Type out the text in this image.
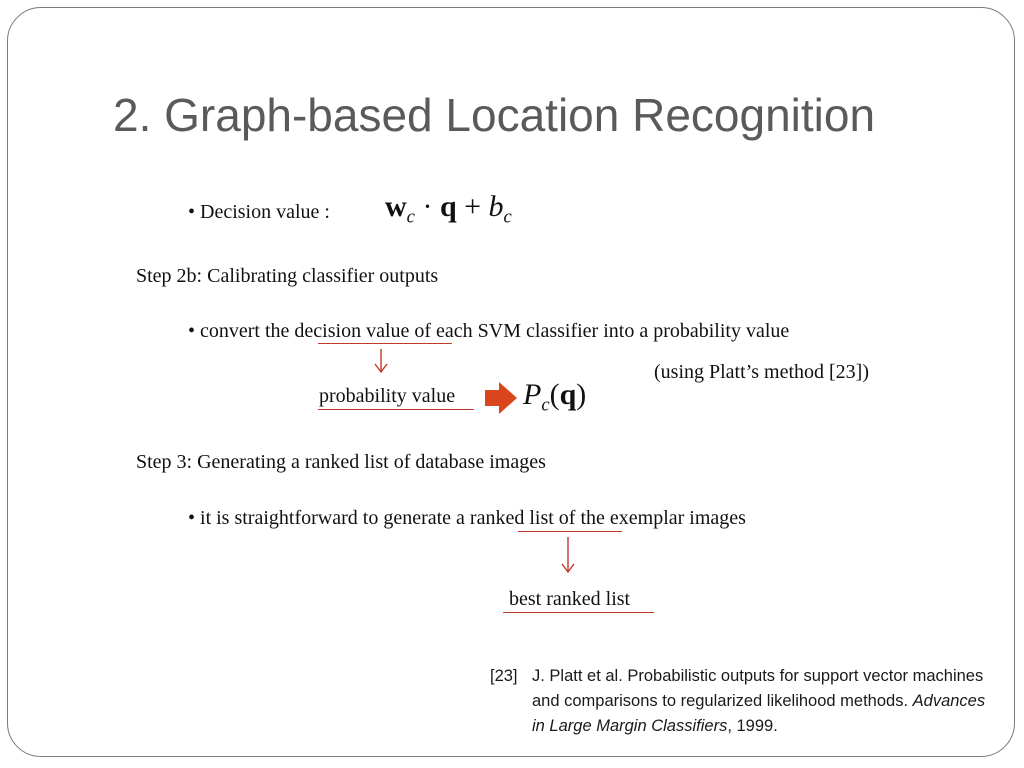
2. Graph-based Location Recognition
• Decision value : $w_c \cdot q + b_c$
Step 2b: Calibrating classifier outputs
• convert the decision value of each SVM classifier into a probability value
(using Platt’s method [23])
probability value $P_c(q)$
Step 3: Generating a ranked list of database images
• it is straightforward to generate a ranked list of the exemplar images
best ranked list
[23] J. Platt et al. Probabilistic outputs for support vector machines
and comparisons to regularized likelihood methods. Advances
in Large Margin Classifiers, 1999.
